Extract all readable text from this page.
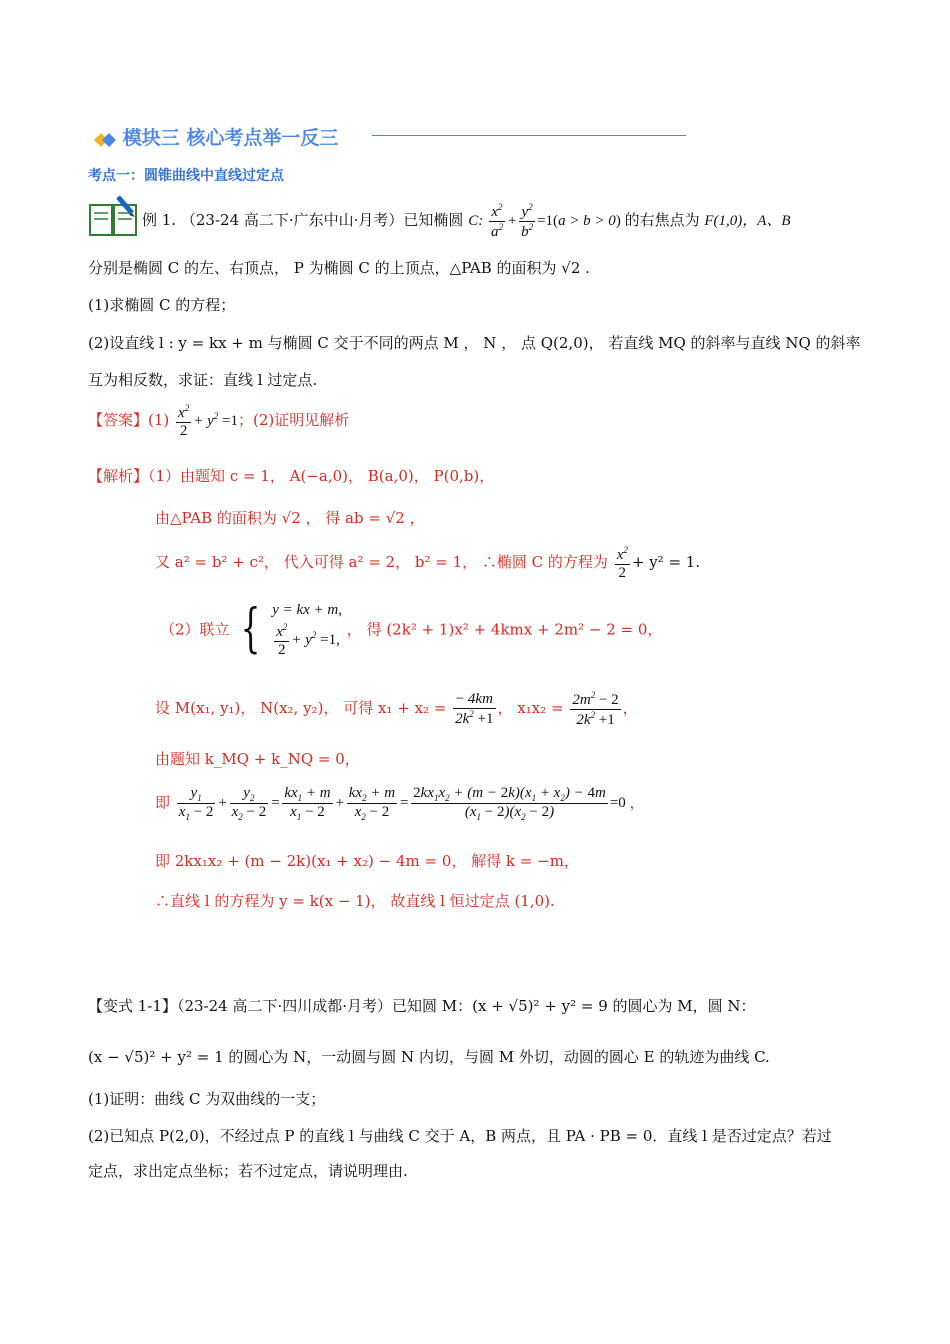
模块三 核心考点举一反三
考点一：圆锥曲线中直线过定点
例 1. （23-24 高二下·广东中山·月考）已知椭圆 C: $\frac{x^2}{a^2} + \frac{y^2}{b^2} =1(a > b > 0)$ 的右焦点为 F(1,0)，A、B
分别是椭圆 C 的左、右顶点， P 为椭圆 C 的上顶点，△PAB 的面积为 √2 .
(1)求椭圆 C 的方程；
(2)设直线 l : y = kx + m 与椭圆 C 交于不同的两点 M ， N ， 点 Q(2,0)， 若直线 MQ 的斜率与直线 NQ 的斜率
互为相反数，求证：直线 l 过定点.
【答案】$(1) \frac{x^2}{2} + y^2 =1$；(2)证明见解析
【解析】（1）由题知 c = 1， A(−a,0)， B(a,0)， P(0,b)，
由△PAB 的面积为 √2 ， 得 ab = √2 ，
又 a² = b² + c²， 代入可得 a² = 2， b² = 1， ∴椭圆 C 的方程为 $\frac{x^2}{2} + y^2 = 1$.
（2）联立 { y = kx + m,
$\frac{x^2}{2} + y^2 =1$,
， 得 (2k² + 1)x² + 4kmx + 2m² − 2 = 0，
设 M(x₁, y₁)， N(x₂, y₂)， 可得 $x_1 + x_2 = \frac{- 4km}{2k^2 +1}$ ， $x_1x_2 = \frac{2m^2 - 2}{2k^2 +1}$ ，
由题知 k_MQ + k_NQ = 0，
即 $\frac{y_1}{x_1 - 2} + \frac{y_2}{x_2 - 2} = \frac{kx_1 + m}{x_1 - 2} + \frac{kx_2 + m}{x_2 - 2} = \frac{2kx_1x_2 + (m - 2k)(x_1 + x_2) - 4m}{(x_1 - 2)(x_2 - 2)} =0$ ，
即 2kx₁x₂ + (m − 2k)(x₁ + x₂) − 4m = 0， 解得 k = −m，
∴直线 l 的方程为 y = k(x − 1)， 故直线 l 恒过定点 (1,0).
【变式 1-1】（23-24 高二下·四川成都·月考）已知圆 M：(x + √5)² + y² = 9 的圆心为 M，圆 N：
(x − √5)² + y² = 1 的圆心为 N，一动圆与圆 N 内切，与圆 M 外切，动圆的圆心 E 的轨迹为曲线 C.
(1)证明：曲线 C 为双曲线的一支；
(2)已知点 P(2,0)，不经过点 P 的直线 l 与曲线 C 交于 A，B 两点，且 PA · PB = 0．直线 l 是否过定点？若过
定点，求出定点坐标；若不过定点，请说明理由.
